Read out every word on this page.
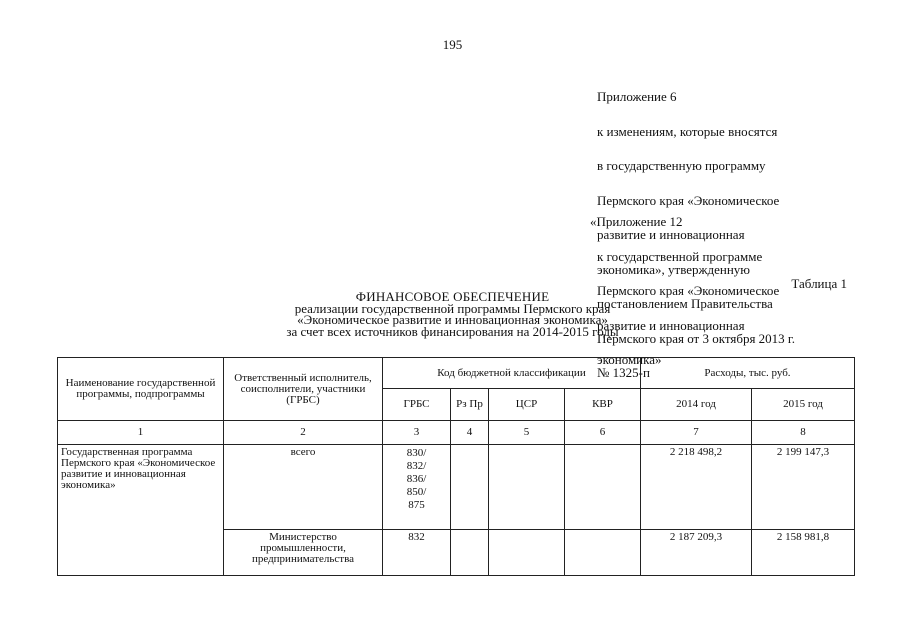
195

Приложение 6

к изменениям, которые вносятся

в государственную программу

Пермского края «Экономическое

развитие и инновационная

экономика», утвержденную

постановлением Правительства

Пермского края от 3 октября 2013 г.

№ 1325-п

«Приложение 12

к государственной программе

Пермского края «Экономическое

развитие и инновационная

экономика»

Таблица 1
ФИНАНСОВОЕ ОБЕСПЕЧЕНИЕ
реализации государственной программы Пермского края
«Экономическое развитие и инновационная экономика»
за счет всех источников финансирования на 2014-2015 годы
Наименование государственной программы, подпрограммы	Ответственный исполнитель, соисполнители, участники (ГРБС)	Код бюджетной классификации				Расходы, тыс. руб.	
		ГРБС	Рз Пр	ЦСР	КВР	2014 год	2015 год
1	2	3	4	5	6	7	8
Государственная программа Пермского края «Экономическое развитие и инновационная экономика»	всего	830/
832/
836/
850/
875				2 218 498,2	2 199 147,3
	Министерство промышленности, предпринимательства	832				2 187 209,3	2 158 981,8
